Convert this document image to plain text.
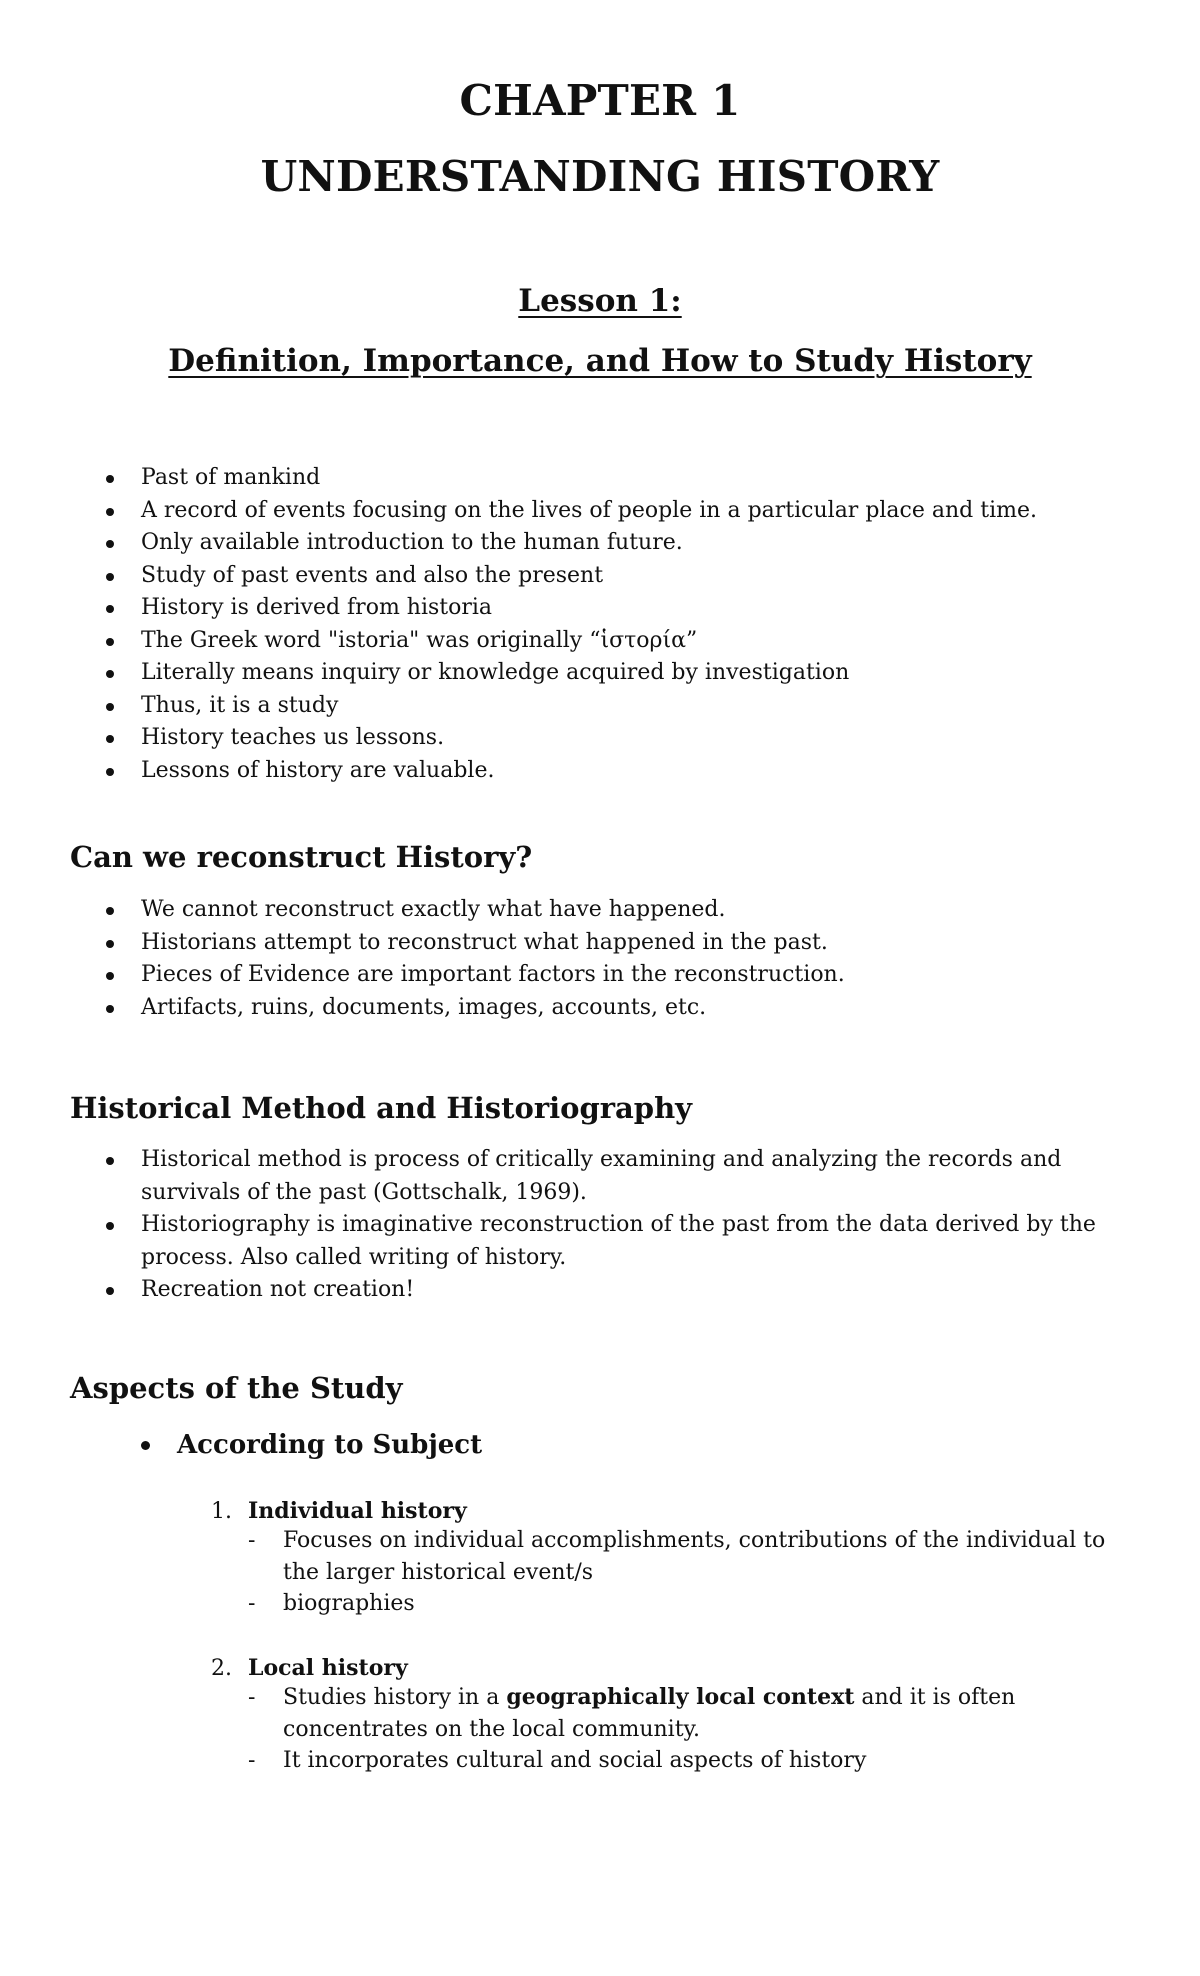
CHAPTER 1
UNDERSTANDING HISTORY
Lesson 1:
Definition, Importance, and How to Study History
Past of mankind
A record of events focusing on the lives of people in a particular place and time.
Only available introduction to the human future.
Study of past events and also the present
History is derived from historia
The Greek word "istoria" was originally “ἱστορία”
Literally means inquiry or knowledge acquired by investigation
Thus, it is a study
History teaches us lessons.
Lessons of history are valuable.
Can we reconstruct History?
We cannot reconstruct exactly what have happened.
Historians attempt to reconstruct what happened in the past.
Pieces of Evidence are important factors in the reconstruction.
Artifacts, ruins, documents, images, accounts, etc.
Historical Method and Historiography
Historical method is process of critically examining and analyzing the records and survivals of the past (Gottschalk, 1969).
Historiography is imaginative reconstruction of the past from the data derived by the process. Also called writing of history.
Recreation not creation!
Aspects of the Study
According to Subject
1. Individual history
- Focuses on individual accomplishments, contributions of the individual to the larger historical event/s
- biographies
2. Local history
- Studies history in a geographically local context and it is often concentrates on the local community.
- It incorporates cultural and social aspects of history
